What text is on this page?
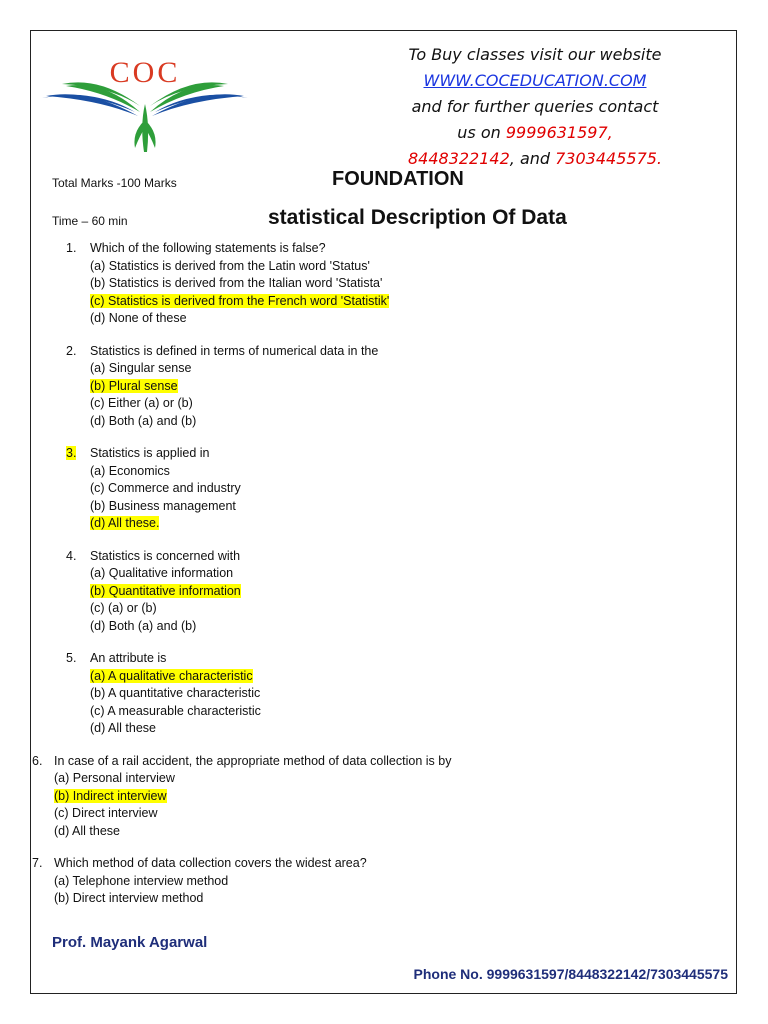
COC
To Buy classes visit our website
WWW.COCEDUCATION.COM
and for further queries contact
us on 9999631597,
8448322142, and 7303445575.
Total Marks -100 Marks
Time – 60 min
FOUNDATION
statistical Description Of Data
1.	Which of the following statements is false?
(a) Statistics is derived from the Latin word 'Status'
(b) Statistics is derived from the Italian word 'Statista'
(c) Statistics is derived from the French word 'Statistik'
(d) None of these
2.	Statistics is defined in terms of numerical data in the
(a) Singular sense
(b) Plural sense
(c) Either (a) or (b)
(d) Both (a) and (b)
3.	Statistics is applied in
(a) Economics
(c) Commerce and industry
(b) Business management
(d) All these.
4.	Statistics is concerned with
(a) Qualitative information
(b) Quantitative information
(c) (a) or (b)
(d) Both (a) and (b)
5.	An attribute is
(a) A qualitative characteristic
(b) A quantitative characteristic
(c) A measurable characteristic
(d) All these
6. In case of a rail accident, the appropriate method of data collection is by
(a) Personal interview
(b) Indirect interview
(c) Direct interview
(d) All these
7. Which method of data collection covers the widest area?
(a) Telephone interview method
(b) Direct interview method
Prof. Mayank Agarwal
Phone No. 9999631597/8448322142/7303445575
